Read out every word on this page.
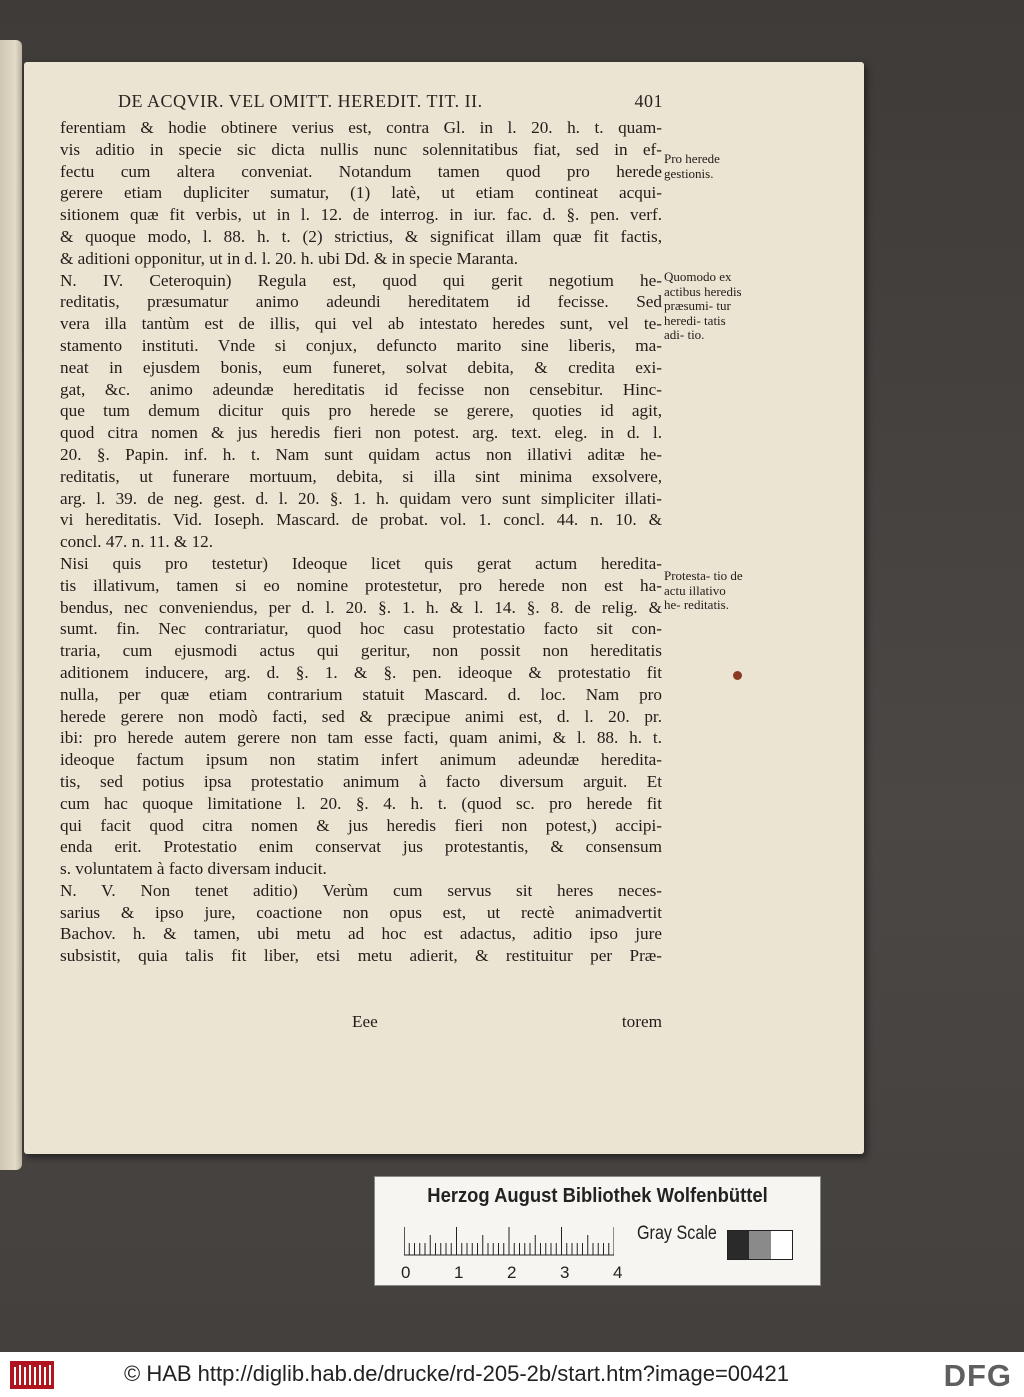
DE ACQVIR. VEL OMITT. HEREDIT. TIT. II.	401
ferentiam & hodie obtinere verius est, contra Gl. in l. 20. h. t. quam-
vis aditio in specie sic dicta nullis nunc solennitatibus fiat, sed in ef-
fectu cum altera conveniat. Notandum tamen quod pro herede
gerere etiam dupliciter sumatur, (1) latè, ut etiam contineat acqui-
sitionem quæ fit verbis, ut in l. 12. de interrog. in iur. fac. d. §. pen. verf.
& quoque modo, l. 88. h. t. (2) strictius, & significat illam quæ fit factis,
& aditioni opponitur, ut in d. l. 20. h. ubi Dd. & in specie Maranta.
N. IV. Ceteroquin) Regula est, quod qui gerit negotium he-
reditatis, præsumatur animo adeundi hereditatem id fecisse. Sed
vera illa tantùm est de illis, qui vel ab intestato heredes sunt, vel te-
stamento instituti. Vnde si conjux, defuncto marito sine liberis, ma-
neat in ejusdem bonis, eum funeret, solvat debita, & credita exi-
gat, &c. animo adeundæ hereditatis id fecisse non censebitur. Hinc-
que tum demum dicitur quis pro herede se gerere, quoties id agit,
quod citra nomen & jus heredis fieri non potest. arg. text. eleg. in d. l.
20. §. Papin. inf. h. t. Nam sunt quidam actus non illativi aditæ he-
reditatis, ut funerare mortuum, debita, si illa sint minima exsolvere,
arg. l. 39. de neg. gest. d. l. 20. §. 1. h. quidam vero sunt simpliciter illati-
vi hereditatis. Vid. Ioseph. Mascard. de probat. vol. 1. concl. 44. n. 10. &
concl. 47. n. 11. & 12.
Nisi quis pro testetur) Ideoque licet quis gerat actum heredita-
tis illativum, tamen si eo nomine protestetur, pro herede non est ha-
bendus, nec conveniendus, per d. l. 20. §. 1. h. & l. 14. §. 8. de relig. &
sumt. fin. Nec contrariatur, quod hoc casu protestatio facto sit con-
traria, cum ejusmodi actus qui geritur, non possit non hereditatis
aditionem inducere, arg. d. §. 1. & §. pen. ideoque & protestatio fit
nulla, per quæ etiam contrarium statuit Mascard. d. loc. Nam pro
herede gerere non modò facti, sed & præcipue animi est, d. l. 20. pr.
ibi: pro herede autem gerere non tam esse facti, quam animi, & l. 88. h. t.
ideoque factum ipsum non statim infert animum adeundæ heredita-
tis, sed potius ipsa protestatio animum à facto diversum arguit. Et
cum hac quoque limitatione l. 20. §. 4. h. t. (quod sc. pro herede fit
qui facit quod citra nomen & jus heredis fieri non potest,) accipi-
enda erit. Protestatio enim conservat jus protestantis, & consensum
s. voluntatem à facto diversam inducit.
N. V. Non tenet aditio) Verùm cum servus sit heres neces-
sarius & ipso jure, coactione non opus est, ut rectè animadvertit
Bachov. h. & tamen, ubi metu ad hoc est adactus, aditio ipso jure
subsistit, quia talis fit liber, etsi metu adierit, & restituitur per Præ-
Pro herede gestionis.
Quomodo ex actibus heredis præsumi- tur heredi- tatis adi- tio.
Protesta- tio de actu illativo he- reditatis.
Eee	torem
Herzog August Bibliothek Wolfenbüttel
0	1	2	3	4
Gray Scale
© HAB http://diglib.hab.de/drucke/rd-205-2b/start.htm?image=00421	DFG
